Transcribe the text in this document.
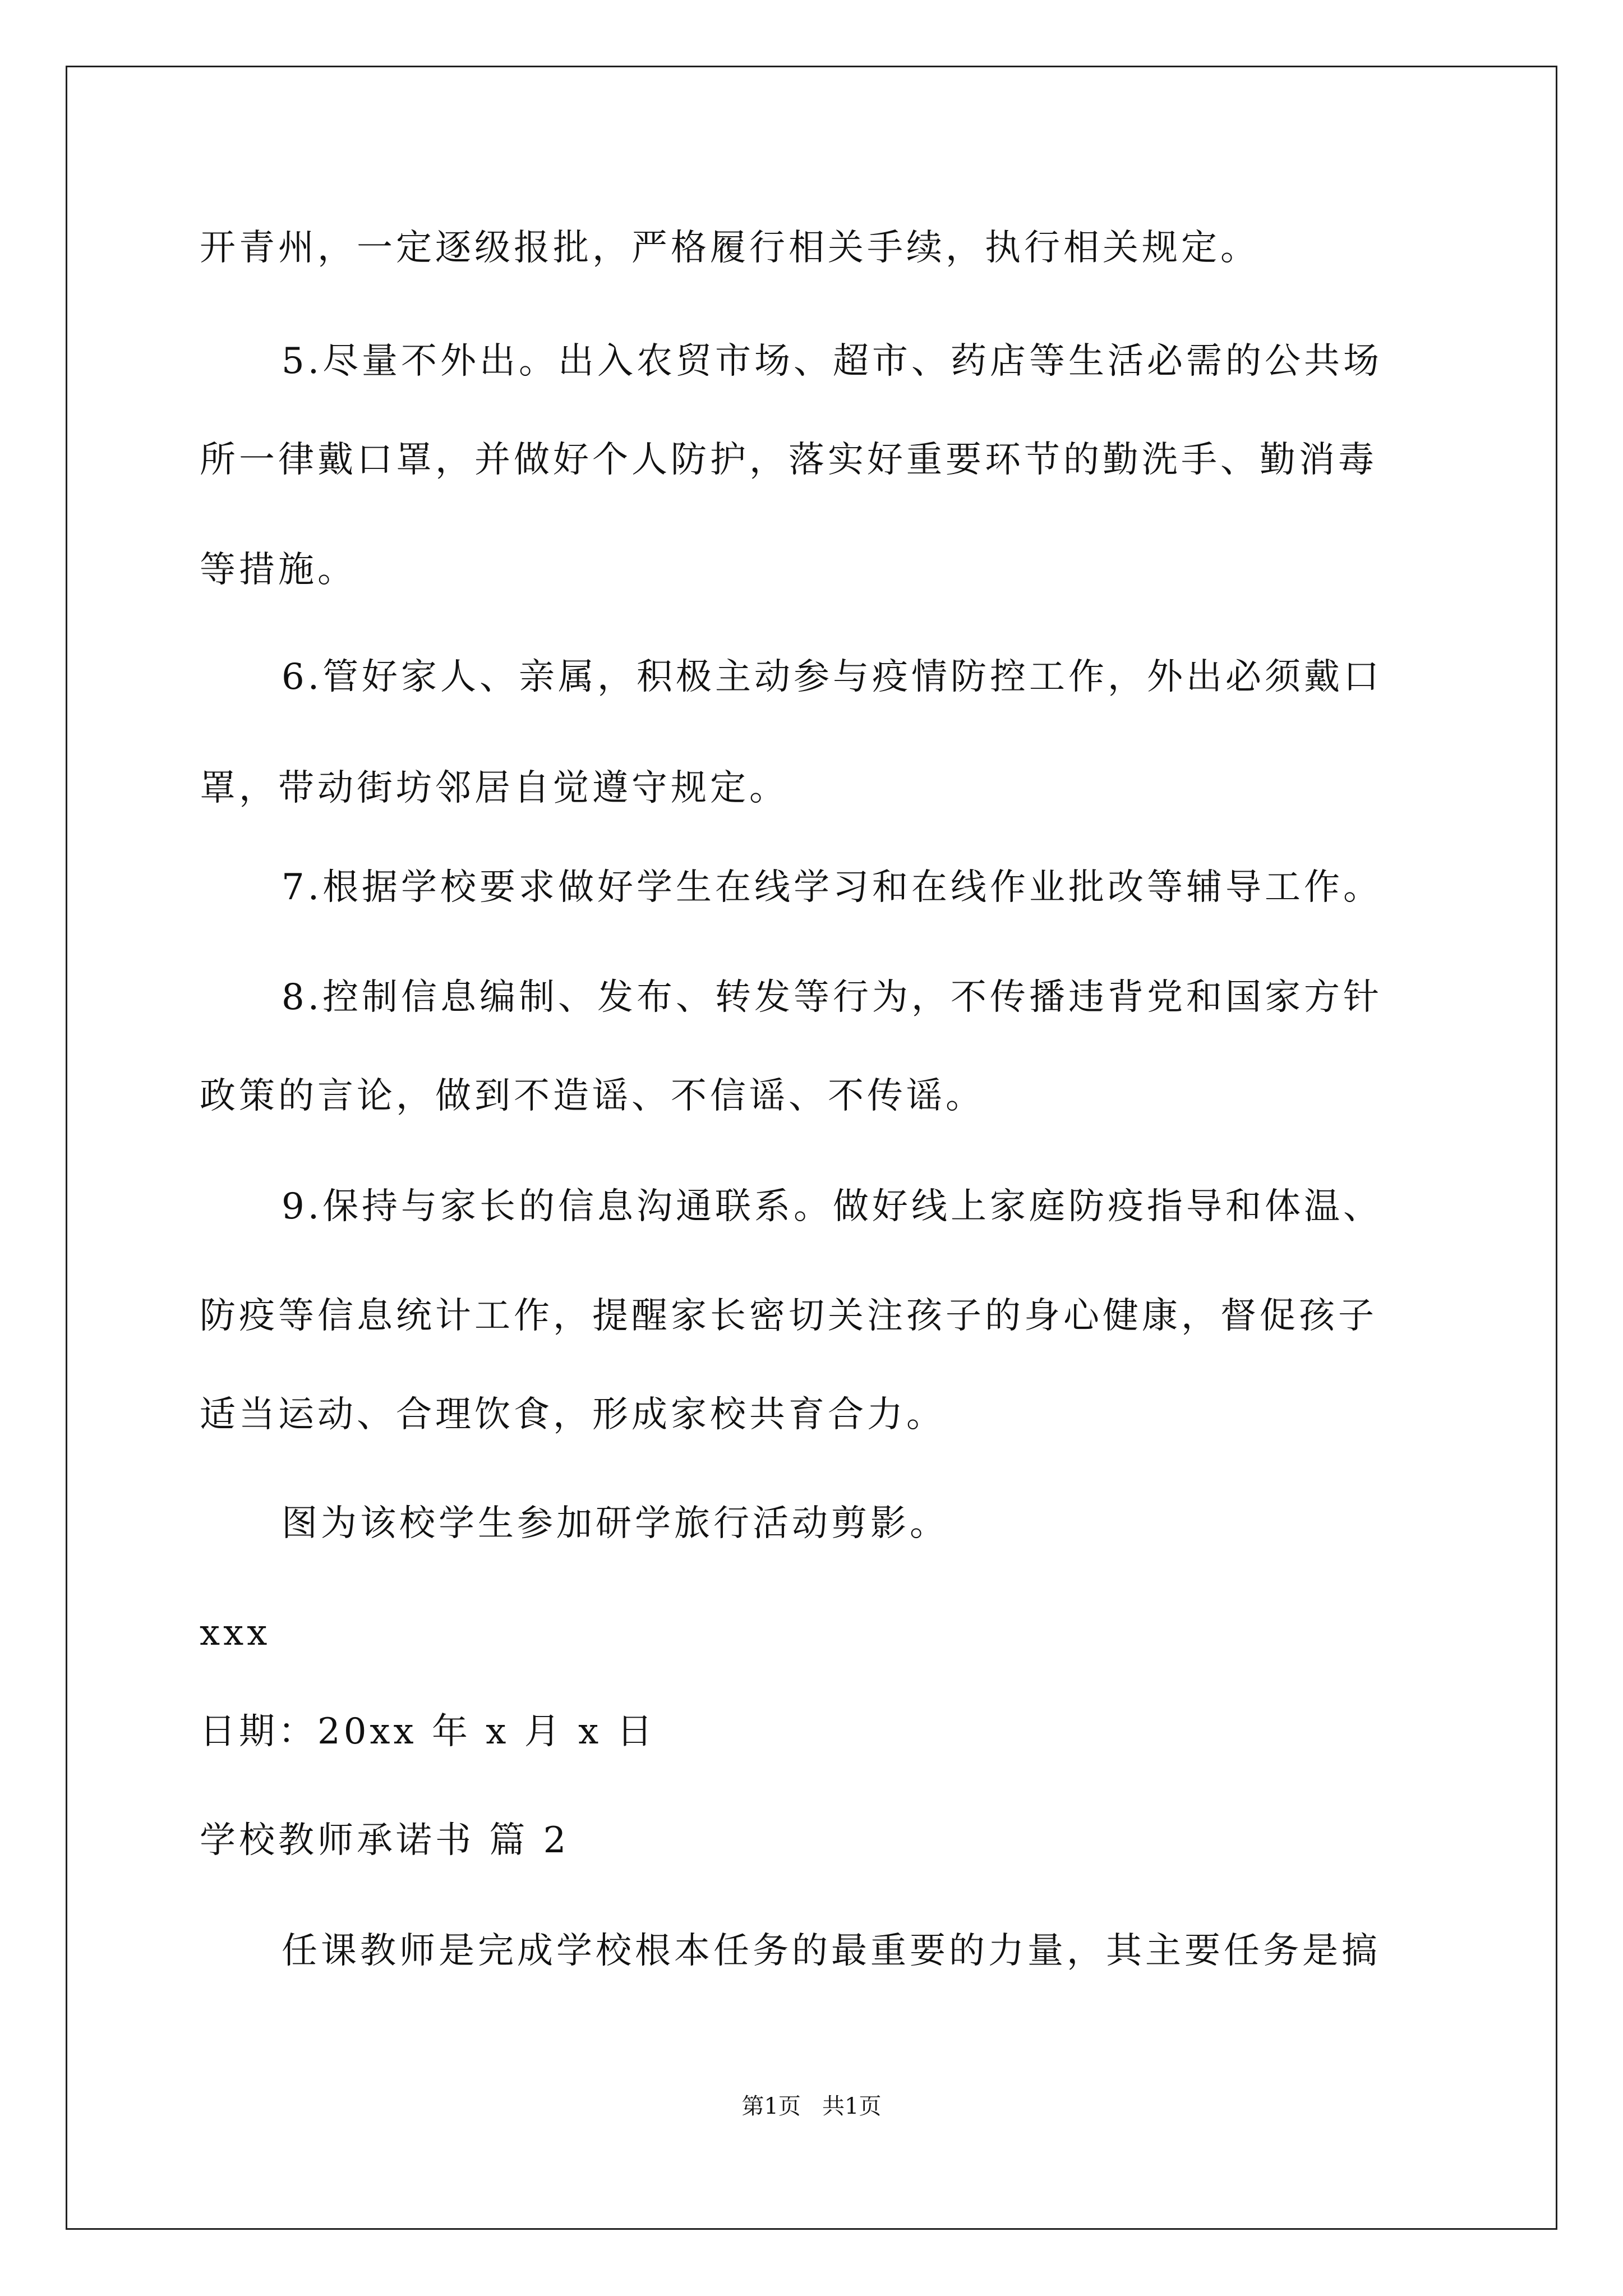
开青州，一定逐级报批，严格履行相关手续，执行相关规定。
5.尽量不外出。出入农贸市场、超市、药店等生活必需的公共场
所一律戴口罩，并做好个人防护，落实好重要环节的勤洗手、勤消毒
等措施。
6.管好家人、亲属，积极主动参与疫情防控工作，外出必须戴口
罩，带动街坊邻居自觉遵守规定。
7.根据学校要求做好学生在线学习和在线作业批改等辅导工作。
8.控制信息编制、发布、转发等行为，不传播违背党和国家方针
政策的言论，做到不造谣、不信谣、不传谣。
9.保持与家长的信息沟通联系。做好线上家庭防疫指导和体温、
防疫等信息统计工作，提醒家长密切关注孩子的身心健康，督促孩子
适当运动、合理饮食，形成家校共育合力。
图为该校学生参加研学旅行活动剪影。
xxx
日期：20xx 年 x 月 x 日
学校教师承诺书 篇 2
任课教师是完成学校根本任务的最重要的力量，其主要任务是搞
第1页   共1页
